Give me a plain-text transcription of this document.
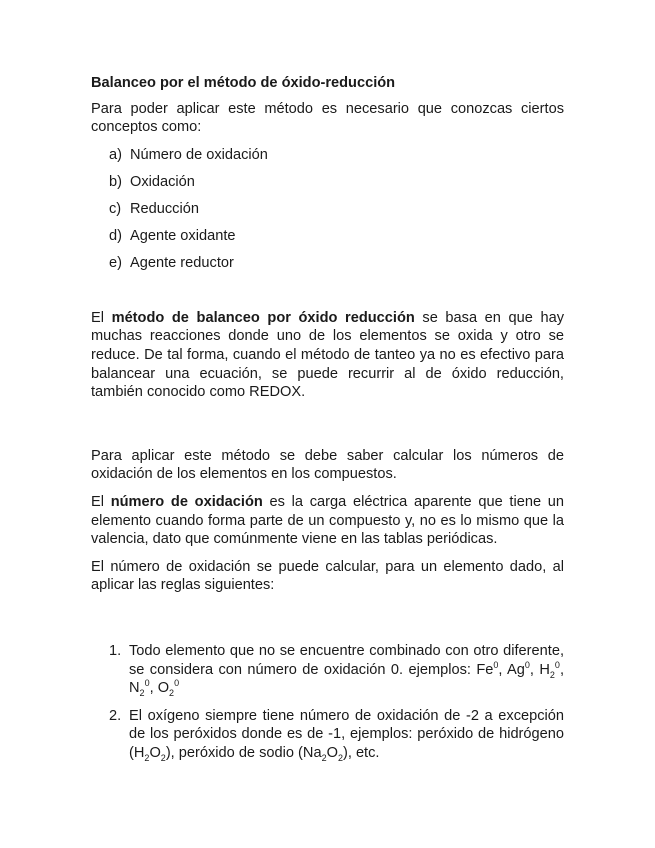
Balanceo por el método de óxido-reducción

Para poder aplicar este método es necesario que conozcas ciertos conceptos como:

a) Número de oxidación
b) Oxidación
c) Reducción
d) Agente oxidante
e) Agente reductor

El método de balanceo por óxido reducción se basa en que hay muchas reacciones donde uno de los elementos se oxida y otro se reduce. De tal forma, cuando el método de tanteo ya no es efectivo para balancear una ecuación, se puede recurrir al de óxido reducción, también conocido como REDOX.

Para aplicar este método se debe saber calcular los números de oxidación de los elementos en los compuestos.

El número de oxidación es la carga eléctrica aparente que tiene un elemento cuando forma parte de un compuesto y, no es lo mismo que la valencia, dato que comúnmente viene en las tablas periódicas.

El número de oxidación se puede calcular, para un elemento dado, al aplicar las reglas siguientes:

1. Todo elemento que no se encuentre combinado con otro diferente, se considera con número de oxidación 0. ejemplos: Fe$^0$, Ag$^0$, $H_2^0$, $N_2^0$, $O_2^0$
2. El oxígeno siempre tiene número de oxidación de -2 a excepción de los peróxidos donde es de -1, ejemplos: peróxido de hidrógeno $(H_2O_2)$, peróxido de sodio $(Na_2O_2)$, etc.
